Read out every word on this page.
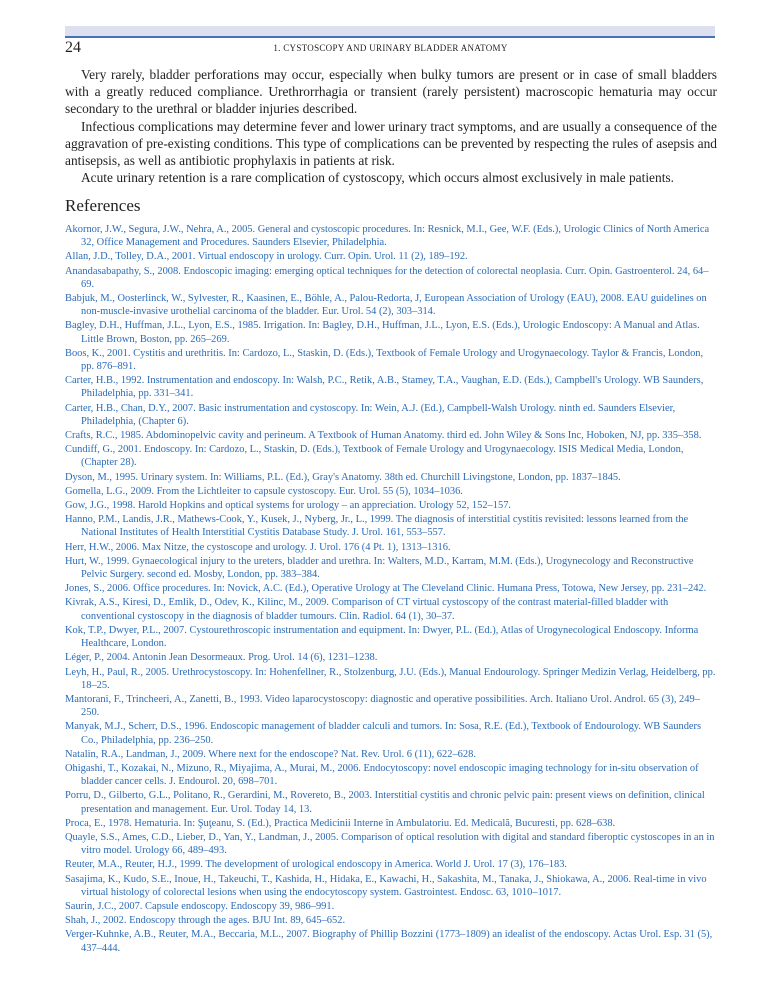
24	1. CYSTOSCOPY AND URINARY BLADDER ANATOMY

Very rarely, bladder perforations may occur, especially when bulky tumors are present or in case of small bladders with a greatly reduced compliance. Urethrorrhagia or transient (rarely persistent) macroscopic hematuria may occur secondary to the urethral or bladder injuries described.

Infectious complications may determine fever and lower urinary tract symptoms, and are usually a consequence of the aggravation of pre-existing conditions. This type of complications can be prevented by respecting the rules of asepsis and antisepsis, as well as antibiotic prophylaxis in patients at risk.

Acute urinary retention is a rare complication of cystoscopy, which occurs almost exclusively in male patients.

References
Akornor, J.W., Segura, J.W., Nehra, A., 2005. General and cystoscopic procedures. In: Resnick, M.I., Gee, W.F. (Eds.), Urologic Clinics of North America 32, Office Management and Procedures. Saunders Elsevier, Philadelphia.
Allan, J.D., Tolley, D.A., 2001. Virtual endoscopy in urology. Curr. Opin. Urol. 11 (2), 189–192.
Anandasabapathy, S., 2008. Endoscopic imaging: emerging optical techniques for the detection of colorectal neoplasia. Curr. Opin. Gastroenterol. 24, 64–69.
Babjuk, M., Oosterlinck, W., Sylvester, R., Kaasinen, E., Böhle, A., Palou-Redorta, J, European Association of Urology (EAU), 2008. EAU guidelines on non-muscle-invasive urothelial carcinoma of the bladder. Eur. Urol. 54 (2), 303–314.
Bagley, D.H., Huffman, J.L., Lyon, E.S., 1985. Irrigation. In: Bagley, D.H., Huffman, J.L., Lyon, E.S. (Eds.), Urologic Endoscopy: A Manual and Atlas. Little Brown, Boston, pp. 265–269.
Boos, K., 2001. Cystitis and urethritis. In: Cardozo, L., Staskin, D. (Eds.), Textbook of Female Urology and Urogynaecology. Taylor & Francis, London, pp. 876–891.
Carter, H.B., 1992. Instrumentation and endoscopy. In: Walsh, P.C., Retik, A.B., Stamey, T.A., Vaughan, E.D. (Eds.), Campbell's Urology. WB Saunders, Philadelphia, pp. 331–341.
Carter, H.B., Chan, D.Y., 2007. Basic instrumentation and cystoscopy. In: Wein, A.J. (Ed.), Campbell-Walsh Urology. ninth ed. Saunders Elsevier, Philadelphia, (Chapter 6).
Crafts, R.C., 1985. Abdominopelvic cavity and perineum. A Textbook of Human Anatomy. third ed. John Wiley & Sons Inc, Hoboken, NJ, pp. 335–358.
Cundiff, G., 2001. Endoscopy. In: Cardozo, L., Staskin, D. (Eds.), Textbook of Female Urology and Urogynaecology. ISIS Medical Media, London, (Chapter 28).
Dyson, M., 1995. Urinary system. In: Williams, P.L. (Ed.), Gray's Anatomy. 38th ed. Churchill Livingstone, London, pp. 1837–1845.
Gomella, L.G., 2009. From the Lichtleiter to capsule cystoscopy. Eur. Urol. 55 (5), 1034–1036.
Gow, J.G., 1998. Harold Hopkins and optical systems for urology – an appreciation. Urology 52, 152–157.
Hanno, P.M., Landis, J.R., Mathews-Cook, Y., Kusek, J., Nyberg, Jr., L., 1999. The diagnosis of interstitial cystitis revisited: lessons learned from the National Institutes of Health Interstitial Cystitis Database Study. J. Urol. 161, 553–557.
Herr, H.W., 2006. Max Nitze, the cystoscope and urology. J. Urol. 176 (4 Pt. 1), 1313–1316.
Hurt, W., 1999. Gynaecological injury to the ureters, bladder and urethra. In: Walters, M.D., Karram, M.M. (Eds.), Urogynecology and Reconstructive Pelvic Surgery. second ed. Mosby, London, pp. 383–384.
Jones, S., 2006. Office procedures. In: Novick, A.C. (Ed.), Operative Urology at The Cleveland Clinic. Humana Press, Totowa, New Jersey, pp. 231–242.
Kivrak, A.S., Kiresi, D., Emlik, D., Odev, K., Kilinc, M., 2009. Comparison of CT virtual cystoscopy of the contrast material-filled bladder with conventional cystoscopy in the diagnosis of bladder tumours. Clin. Radiol. 64 (1), 30–37.
Kok, T.P., Dwyer, P.L., 2007. Cystourethroscopic instrumentation and equipment. In: Dwyer, P.L. (Ed.), Atlas of Urogynecological Endoscopy. Informa Healthcare, London.
Léger, P., 2004. Antonin Jean Desormeaux. Prog. Urol. 14 (6), 1231–1238.
Leyh, H., Paul, R., 2005. Urethrocystoscopy. In: Hohenfellner, R., Stolzenburg, J.U. (Eds.), Manual Endourology. Springer Medizin Verlag, Heidelberg, pp. 18–25.
Mantorani, F., Trincheeri, A., Zanetti, B., 1993. Video laparocystoscopy: diagnostic and operative possibilities. Arch. Italiano Urol. Androl. 65 (3), 249–250.
Manyak, M.J., Scherr, D.S., 1996. Endoscopic management of bladder calculi and tumors. In: Sosa, R.E. (Ed.), Textbook of Endourology. WB Saunders Co., Philadelphia, pp. 236–250.
Natalin, R.A., Landman, J., 2009. Where next for the endoscope? Nat. Rev. Urol. 6 (11), 622–628.
Ohigashi, T., Kozakai, N., Mizuno, R., Miyajima, A., Murai, M., 2006. Endocytoscopy: novel endoscopic imaging technology for in-situ observation of bladder cancer cells. J. Endourol. 20, 698–701.
Porru, D., Gilberto, G.L., Politano, R., Gerardini, M., Rovereto, B., 2003. Interstitial cystitis and chronic pelvic pain: present views on definition, clinical presentation and management. Eur. Urol. Today 14, 13.
Proca, E., 1978. Hematuria. In: Şuţeanu, S. (Ed.), Practica Medicinii Interne în Ambulatoriu. Ed. Medicală, Bucuresti, pp. 628–638.
Quayle, S.S., Ames, C.D., Lieber, D., Yan, Y., Landman, J., 2005. Comparison of optical resolution with digital and standard fiberoptic cystoscopes in an in vitro model. Urology 66, 489–493.
Reuter, M.A., Reuter, H.J., 1999. The development of urological endoscopy in America. World J. Urol. 17 (3), 176–183.
Sasajima, K., Kudo, S.E., Inoue, H., Takeuchi, T., Kashida, H., Hidaka, E., Kawachi, H., Sakashita, M., Tanaka, J., Shiokawa, A., 2006. Real-time in vivo virtual histology of colorectal lesions when using the endocytoscopy system. Gastrointest. Endosc. 63, 1010–1017.
Saurin, J.C., 2007. Capsule endoscopy. Endoscopy 39, 986–991.
Shah, J., 2002. Endoscopy through the ages. BJU Int. 89, 645–652.
Verger-Kuhnke, A.B., Reuter, M.A., Beccaria, M.L., 2007. Biography of Phillip Bozzini (1773–1809) an idealist of the endoscopy. Actas Urol. Esp. 31 (5), 437–444.
